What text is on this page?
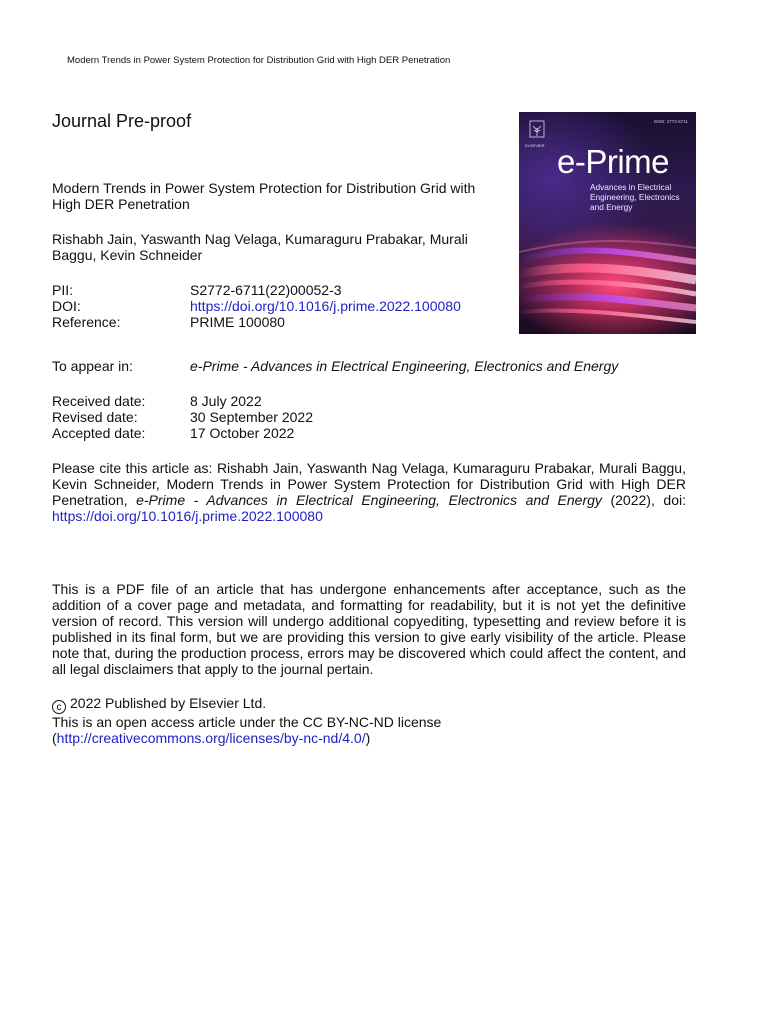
Modern Trends in Power System Protection for Distribution Grid with High DER Penetration
Journal Pre-proof
Modern Trends in Power System Protection for Distribution Grid with High DER Penetration
Rishabh Jain, Yaswanth Nag Velaga, Kumaraguru Prabakar, Murali Baggu, Kevin Schneider
PII:	S2772-6711(22)00052-3
DOI:	https://doi.org/10.1016/j.prime.2022.100080
Reference:	PRIME 100080
To appear in:	e-Prime - Advances in Electrical Engineering, Electronics and Energy
Received date:	8 July 2022
Revised date:	30 September 2022
Accepted date:	17 October 2022
Please cite this article as: Rishabh Jain, Yaswanth Nag Velaga, Kumaraguru Prabakar, Murali Baggu, Kevin Schneider, Modern Trends in Power System Protection for Distribution Grid with High DER Penetration, e-Prime - Advances in Electrical Engineering, Electronics and Energy (2022), doi: https://doi.org/10.1016/j.prime.2022.100080
This is a PDF file of an article that has undergone enhancements after acceptance, such as the addition of a cover page and metadata, and formatting for readability, but it is not yet the definitive version of record. This version will undergo additional copyediting, typesetting and review before it is published in its final form, but we are providing this version to give early visibility of the article. Please note that, during the production process, errors may be discovered which could affect the content, and all legal disclaimers that apply to the journal pertain.
c 2022 Published by Elsevier Ltd.
This is an open access article under the CC BY-NC-ND license
(http://creativecommons.org/licenses/by-nc-nd/4.0/)
ISSN: 2772-6711
ELSEVIER e-Prime
Advances in Electrical Engineering, Electronics and Energy
